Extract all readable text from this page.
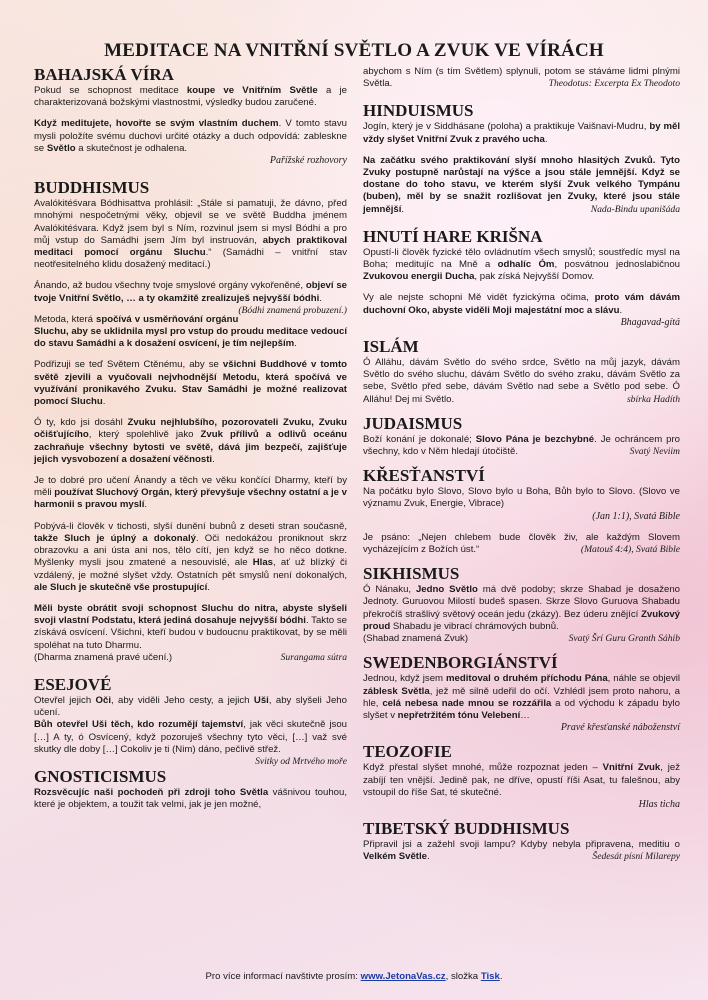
MEDITACE NA VNITŘNÍ SVĚTLO A ZVUK VE VÍRÁCH
BAHAJSKÁ VÍRA

Pokud se schopnost meditace koupe ve Vnitřním Světle a je charakterizovaná božskými vlastnostmi, výsledky budou zaručené.

Když meditujete, hovořte se svým vlastním duchem. V tomto stavu mysli položíte svému duchovi určité otázky a duch odpovídá: zableskne se Světlo a skutečnost je odhalena.

Pařížské rozhovory

BUDDHISMUS

Avalókitéśvara Bódhisattva prohlásil: „Stále si pamatuji, že dávno, před mnohými nespočetnými věky, objevil se ve světě Buddha jménem Avalókitéśvara. Když jsem byl s Ním, rozvinul jsem si mysl Bódhi a pro můj vstup do Samádhi jsem Jím byl instruován, abych praktikoval meditaci pomocí orgánu Sluchu.“ (Samádhi – vnitřní stav neotřesitelného klidu dosažený meditací.)

Ánando, až budou všechny tvoje smyslové orgány vykořeněné, objeví se tvoje Vnitřní Světlo, … a ty okamžitě zrealizuješ nejvyšší bódhi.
(Bódhi znamená probuzení.)

Metoda, která spočívá v usměrňování orgánu Sluchu, aby se uklidnila mysl pro vstup do proudu meditace vedoucí do stavu Samádhi a k dosažení osvícení, je tím nejlepším.

Podřizuji se teď Světem Ctěnému, aby se všichni Buddhové v tomto světě zjevili a vyučovali nejvhodnější Metodu, která spočívá ve využívání pronikavého Zvuku. Stav Samádhi je možné realizovat pomocí Sluchu.

Ó ty, kdo jsi dosáhl Zvuku nejhlubšího, pozorovateli Zvuku, Zvuku očišťujícího, který spolehlivě jako Zvuk přílivů a odlivů oceánu zachraňuje všechny bytosti ve světě, dává jim bezpečí, zajišťuje jejich vysvobození a dosažení věčnosti.

Je to dobré pro učení Ánandy a těch ve věku končící Dharmy, kteří by měli používat Sluchový Orgán, který převyšuje všechny ostatní a je v harmonii s pravou myslí.

Pobývá-li člověk v tichosti, slyší dunění bubnů z deseti stran současně, takže Sluch je úplný a dokonalý. Oči nedokážou proniknout skrz obrazovku a ani ústa ani nos, tělo cítí, jen když se ho něco dotkne. Myšlenky mysli jsou zmatené a nesouvislé, ale Hlas, ať už blízký či vzdálený, je možné slyšet vždy. Ostatních pět smyslů není dokonalých, ale Sluch je skutečně vše prostupující.

Měli byste obrátit svoji schopnost Sluchu do nitra, abyste slyšeli svoji vlastní Podstatu, která jediná dosahuje nejvyšší bódhi. Takto se získává osvícení. Všichni, kteří budou v budoucnu praktikovat, by se měli spoléhat na tuto Dharmu.
(Dharma znamená pravé učení.)	Surangama sútra

ESEJOVÉ

Otevřel jejich Oči, aby viděli Jeho cesty, a jejich Uši, aby slyšeli Jeho učení.

Bůh otevřel Uši těch, kdo rozumějí tajemství, jak věci skutečně jsou […] A ty, ó Osvícený, když pozoruješ všechny tyto věci, […] važ své skutky dle doby […] Cokoliv je ti (Nim) dáno, pečlivě střež.
Svitky od Mrtvého moře

GNOSTICISMUS

Rozsvěcujíc naši pochodeň při zdroji toho Světla vášnivou touhou, které je objektem, a toužit tak velmi, jak je jen možné,

abychom s Ním (s tím Světlem) splynuli, potom se stáváme lidmi plnými Světla.	Theodotus: Excerpta Ex Theodoto

HINDUISMUS

Jogín, který je v Siddhásane (poloha) a praktikuje Vaišnavi-Mudru, by měl vždy slyšet Vnitřní Zvuk z pravého ucha.

Na začátku svého praktikování slyší mnoho hlasitých Zvuků. Tyto Zvuky postupně narůstají na výšce a jsou stále jemnější. Když se dostane do toho stavu, ve kterém slyší Zvuk velkého Tympánu (buben), měl by se snažit rozlišovat jen Zvuky, které jsou stále jemnější.	Nada-Bindu upanišáda

HNUTÍ HARE KRIŠNA

Opustí-li člověk fyzické tělo ovládnutím všech smyslů; soustředíc mysl na Boha; meditujíc na Mně a odhalíc Óm, posvátnou jednoslabičnou Zvukovou energii Ducha, pak získá Nejvyšší Domov.

Vy ale nejste schopni Mě vidět fyzickýma očima, proto vám dávám duchovní Oko, abyste viděli Moji majestátní moc a slávu.

Bhagavad-gítá

ISLÁM

Ó Alláhu, dávám Světlo do svého srdce, Světlo na můj jazyk, dávám Světlo do svého sluchu, dávám Světlo do svého zraku, dávám Světlo za sebe, Světlo před sebe, dávám Světlo nad sebe a Světlo pod sebe. Ó Alláhu! Dej mi Světlo.	sbírka Hadíth

JUDAISMUS

Boží konání je dokonalé; Slovo Pána je bezchybné. Je ochráncem pro všechny, kdo v Něm hledají útočiště.	Svatý Neviim

KŘESŤANSTVÍ

Na počátku bylo Slovo, Slovo bylo u Boha, Bůh bylo to Slovo. (Slovo ve významu Zvuk, Energie, Vibrace)

(Jan 1:1), Svatá Bible

Je psáno: „Nejen chlebem bude člověk živ, ale každým Slovem vycházejícím z Božích úst.“	(Matouš 4:4), Svatá Bible

SIKHISMUS

Ó Nánaku, Jedno Světlo má dvě podoby; skrze Shabad je dosaženo Jednoty. Guruovou Milostí budeš spasen. Skrze Slovo Guruova Shabadu překročíš strašlivý světový oceán jedu (zkázy). Bez úderu znějící Zvukový proud Shabadu je vibrací chrámových bubnů.
(Shabad znamená Zvuk)	Svatý Šrí Guru Granth Sáhib

SWEDENBORGIÁNSTVÍ

Jednou, když jsem meditoval o druhém příchodu Pána, náhle se objevil záblesk Světla, jež mě silně udeřil do očí. Vzhlédl jsem proto nahoru, a hle, celá nebesa nade mnou se rozzářila a od východu k západu bylo slyšet v nepřetržitém tónu Velebení…

Pravé křesťanské náboženství

TEOZOFIE

Když přestal slyšet mnohé, může rozpoznat jeden – Vnitřní Zvuk, jež zabíjí ten vnější. Jedině pak, ne dříve, opustí říši Asat, tu falešnou, aby vstoupil do říše Sat, té skutečné.

Hlas ticha

TIBETSKÝ BUDDHISMUS

Připravil jsi a zažehl svoji lampu? Kdyby nebyla připravena, meditiu o Velkém Světle.	Šedesát písní Milarepy

Pro více informací navštivte prosím: www.JetonaVas.cz, složka Tisk.
